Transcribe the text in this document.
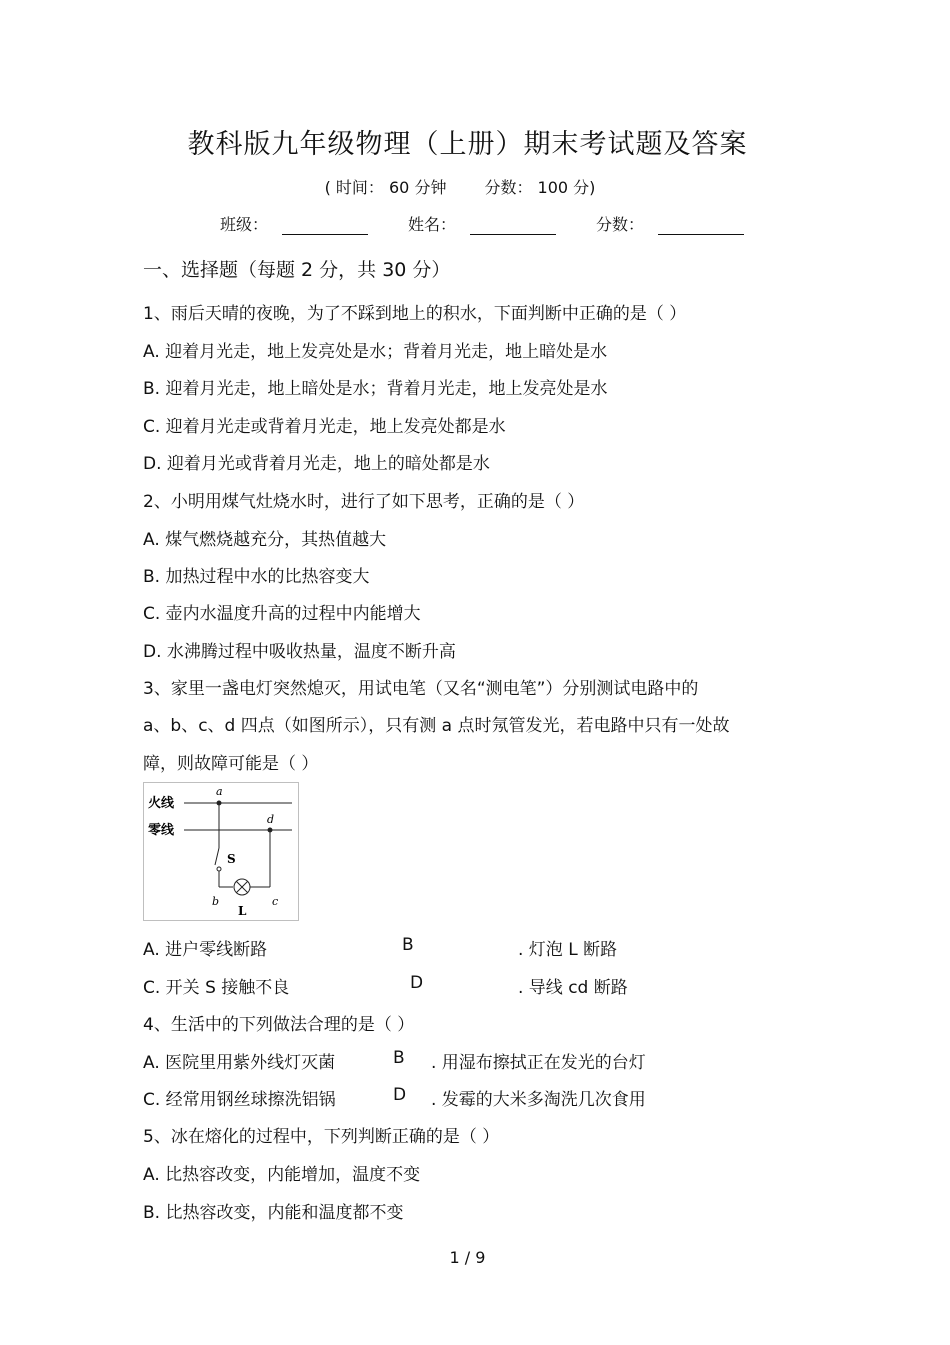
教科版九年级物理（上册）期末考试题及答案
( 时间： 60 分钟 分数： 100 分)
班级：	姓名：	分数：
一、选择题（每题 2 分，共 30 分）
1、雨后天晴的夜晚，为了不踩到地上的积水，下面判断中正确的是（ ）
A. 迎着月光走，地上发亮处是水；背着月光走，地上暗处是水
B. 迎着月光走，地上暗处是水；背着月光走，地上发亮处是水
C. 迎着月光走或背着月光走，地上发亮处都是水
D. 迎着月光或背着月光走，地上的暗处都是水
2、小明用煤气灶烧水时，进行了如下思考，正确的是（ ）
A. 煤气燃烧越充分，其热值越大
B. 加热过程中水的比热容变大
C. 壶内水温度升高的过程中内能增大
D. 水沸腾过程中吸收热量，温度不断升高
3、家里一盏电灯突然熄灭，用试电笔（又名“测电笔”）分别测试电路中的
a、b、c、d 四点（如图所示），只有测 a 点时氖管发光，若电路中只有一处故
障，则故障可能是（ ）
火线
零线
a
S
d
b	c
L
A. 进户零线断路	B	. 灯泡 L 断路
C. 开关 S 接触不良	D	. 导线 cd 断路
4、生活中的下列做法合理的是（ ）
A. 医院里用紫外线灯灭菌	B . 用湿布擦拭正在发光的台灯
C. 经常用钢丝球擦洗铝锅	D . 发霉的大米多淘洗几次食用
5、冰在熔化的过程中，下列判断正确的是（ ）
A. 比热容改变，内能增加，温度不变
B. 比热容改变，内能和温度都不变
1 / 9
